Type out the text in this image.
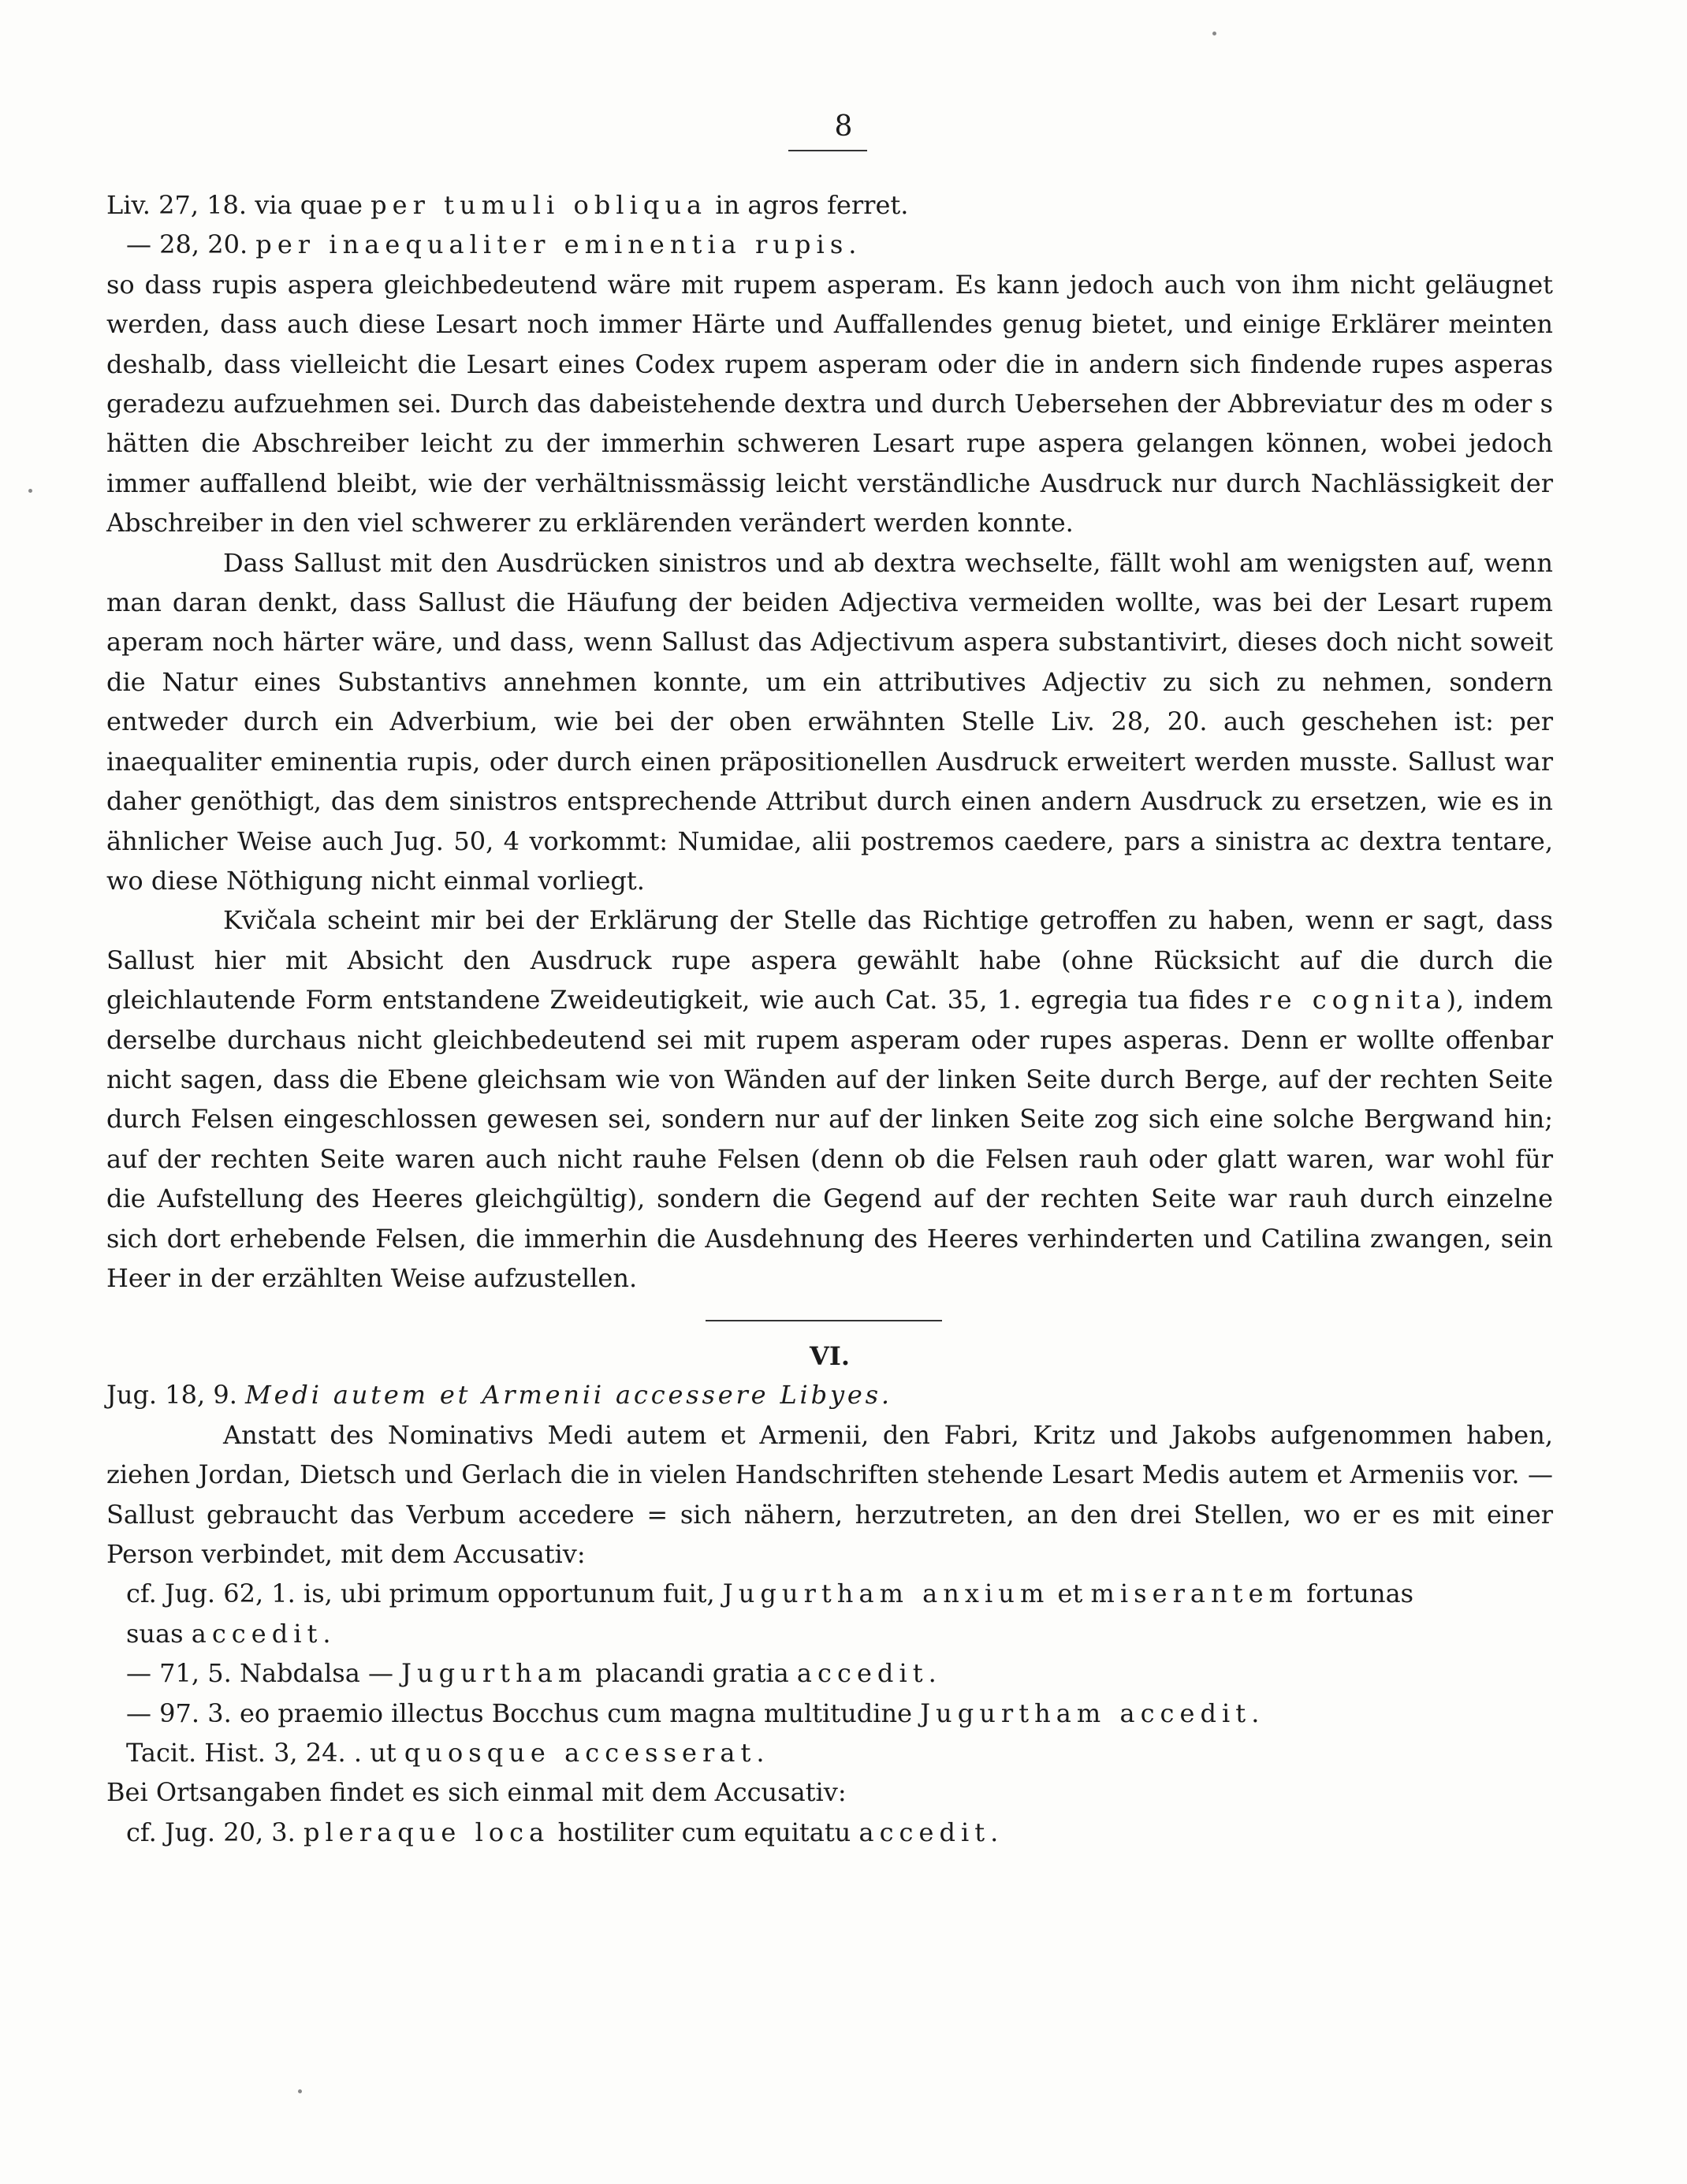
8
Liv. 27, 18. via quae per tumuli obliqua in agros ferret.
— 28, 20. per inaequaliter eminentia rupis.

so dass rupis aspera gleichbedeutend wäre mit rupem asperam. Es kann jedoch auch von ihm nicht geläugnet werden, dass auch diese Lesart noch immer Härte und Auffallendes genug bietet, und einige Erklärer meinten deshalb, dass vielleicht die Lesart eines Codex rupem asperam oder die in andern sich findende rupes asperas geradezu aufzuehmen sei. Durch das dabeistehende dextra und durch Uebersehen der Abbreviatur des m oder s hätten die Abschreiber leicht zu der immerhin schweren Lesart rupe aspera gelangen können, wobei jedoch immer auffallend bleibt, wie der verhältnissmässig leicht verständliche Ausdruck nur durch Nachlässigkeit der Abschreiber in den viel schwerer zu erklärenden verändert werden konnte.

Dass Sallust mit den Ausdrücken sinistros und ab dextra wechselte, fällt wohl am wenigsten auf, wenn man daran denkt, dass Sallust die Häufung der beiden Adjectiva vermeiden wollte, was bei der Lesart rupem aperam noch härter wäre, und dass, wenn Sallust das Adjectivum aspera substantivirt, dieses doch nicht soweit die Natur eines Substantivs annehmen konnte, um ein attributives Adjectiv zu sich zu nehmen, sondern entweder durch ein Adverbium, wie bei der oben erwähnten Stelle Liv. 28, 20. auch geschehen ist: per inaequaliter eminentia rupis, oder durch einen präpositionellen Ausdruck erweitert werden musste. Sallust war daher genöthigt, das dem sinistros entsprechende Attribut durch einen andern Ausdruck zu ersetzen, wie es in ähnlicher Weise auch Jug. 50, 4 vorkommt: Numidae, alii postremos caedere, pars a sinistra ac dextra tentare, wo diese Nöthigung nicht einmal vorliegt.

Kvičala scheint mir bei der Erklärung der Stelle das Richtige getroffen zu haben, wenn er sagt, dass Sallust hier mit Absicht den Ausdruck rupe aspera gewählt habe (ohne Rücksicht auf die durch die gleichlautende Form entstandene Zweideutigkeit, wie auch Cat. 35, 1. egregia tua fides re cognita), indem derselbe durchaus nicht gleichbedeutend sei mit rupem asperam oder rupes asperas. Denn er wollte offenbar nicht sagen, dass die Ebene gleichsam wie von Wänden auf der linken Seite durch Berge, auf der rechten Seite durch Felsen eingeschlossen gewesen sei, sondern nur auf der linken Seite zog sich eine solche Bergwand hin; auf der rechten Seite waren auch nicht rauhe Felsen (denn ob die Felsen rauh oder glatt waren, war wohl für die Aufstellung des Heeres gleichgültig), sondern die Gegend auf der rechten Seite war rauh durch einzelne sich dort erhebende Felsen, die immerhin die Ausdehnung des Heeres verhinderten und Catilina zwangen, sein Heer in der erzählten Weise aufzustellen.

VI.
Jug. 18, 9. Medi autem et Armenii accessere Libyes.

Anstatt des Nominativs Medi autem et Armenii, den Fabri, Kritz und Jakobs aufgenommen haben, ziehen Jordan, Dietsch und Gerlach die in vielen Handschriften stehende Lesart Medis autem et Armeniis vor. — Sallust gebraucht das Verbum accedere = sich nähern, herzutreten, an den drei Stellen, wo er es mit einer Person verbindet, mit dem Accusativ:

cf. Jug. 62, 1. is, ubi primum opportunum fuit, Jugurtham anxium et miserantem fortunas
suas accedit.
— 71, 5. Nabdalsa — Jugurtham placandi gratia accedit.
— 97. 3. eo praemio illectus Bocchus cum magna multitudine Jugurtham accedit.
Tacit. Hist. 3, 24. . ut quosque accesserat.
Bei Ortsangaben findet es sich einmal mit dem Accusativ:
cf. Jug. 20, 3. pleraque loca hostiliter cum equitatu accedit.
